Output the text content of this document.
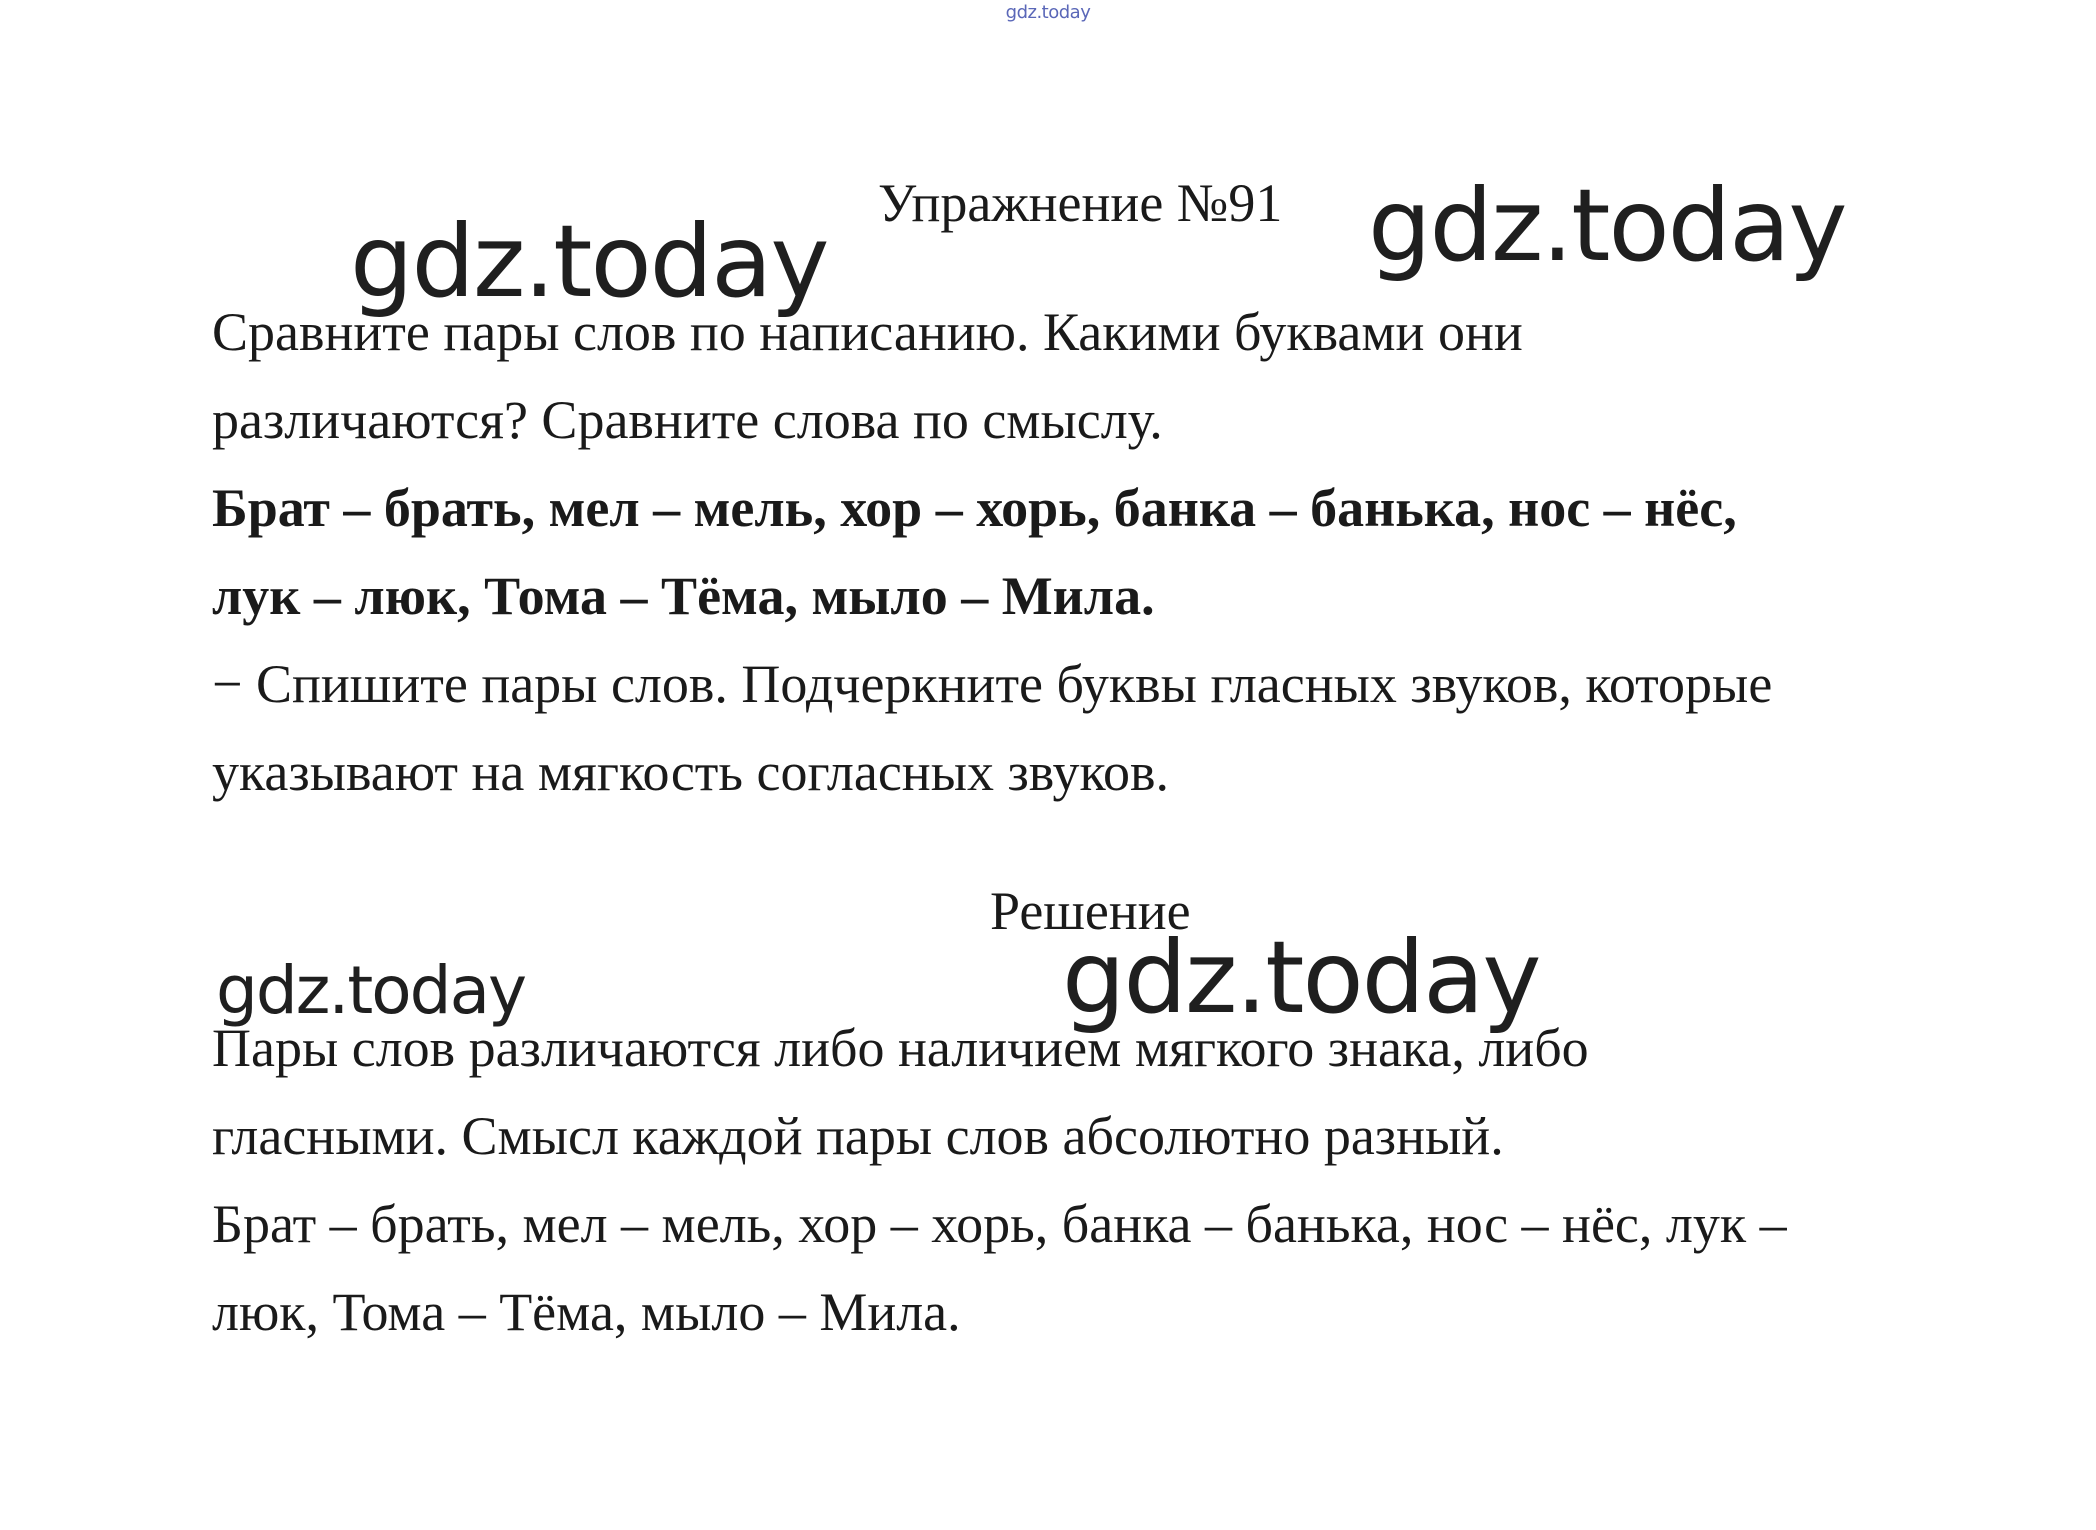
gdz.today
Упражнение №91
gdz.today	gdz.today

Сравните пары слов по написанию. Какими буквами они

различаются? Сравните слова по смыслу.

Брат – брать, мел – мель, хор – хорь, банка – банька, нос – нёс,

лук – люк, Тома – Тёма, мыло – Мила.

− Спишите пары слов. Подчеркните буквы гласных звуков, которые

указывают на мягкость согласных звуков.

Решение
gdz.today	gdz.today

Пары слов различаются либо наличием мягкого знака, либо

гласными. Смысл каждой пары слов абсолютно разный.

Брат – брать, мел – мель, хор – хорь, банка – банька, нос – нёс, лук –

люк, Тома – Тёма, мыло – Мила.
